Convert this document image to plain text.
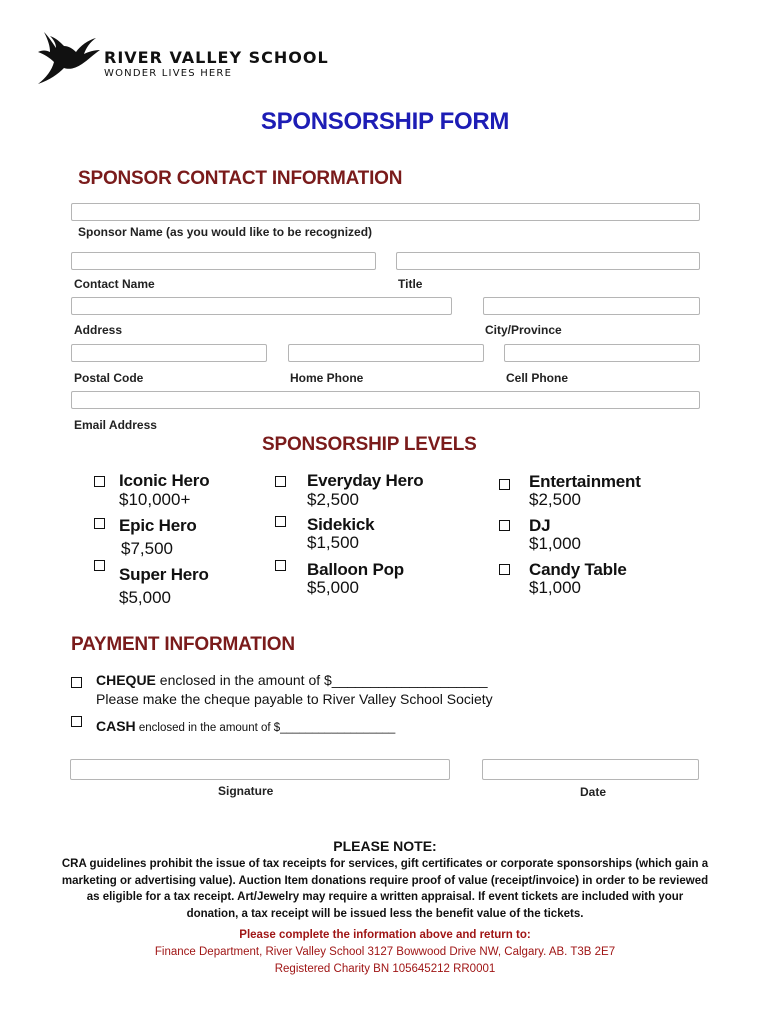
RIVER VALLEY SCHOOL
WONDER LIVES HERE
SPONSORSHIP FORM
SPONSOR CONTACT INFORMATION
Sponsor Name (as you would like to be recognized)
Contact Name	Title
Address	City/Province
Postal Code	Home Phone	Cell Phone
Email Address
SPONSORSHIP LEVELS
Iconic Hero
$10,000+
Epic Hero
$7,500
Super Hero
$5,000
Everyday Hero
$2,500
Sidekick
$1,500
Balloon Pop
$5,000
Entertainment
$2,500
DJ
$1,000
Candy Table
$1,000
PAYMENT INFORMATION
CHEQUE enclosed in the amount of $____________________
Please make the cheque payable to River Valley School Society
CASH enclosed in the amount of $__________________
Signature	Date
PLEASE NOTE:
CRA guidelines prohibit the issue of tax receipts for services, gift certificates or corporate sponsorships (which gain a marketing or advertising value). Auction Item donations require proof of value (receipt/invoice) in order to be reviewed as eligible for a tax receipt. Art/Jewelry may require a written appraisal. If event tickets are included with your donation, a tax receipt will be issued less the benefit value of the tickets.
Please complete the information above and return to:
Finance Department, River Valley School 3127 Bowwood Drive NW, Calgary. AB. T3B 2E7
Registered Charity BN 105645212 RR0001
